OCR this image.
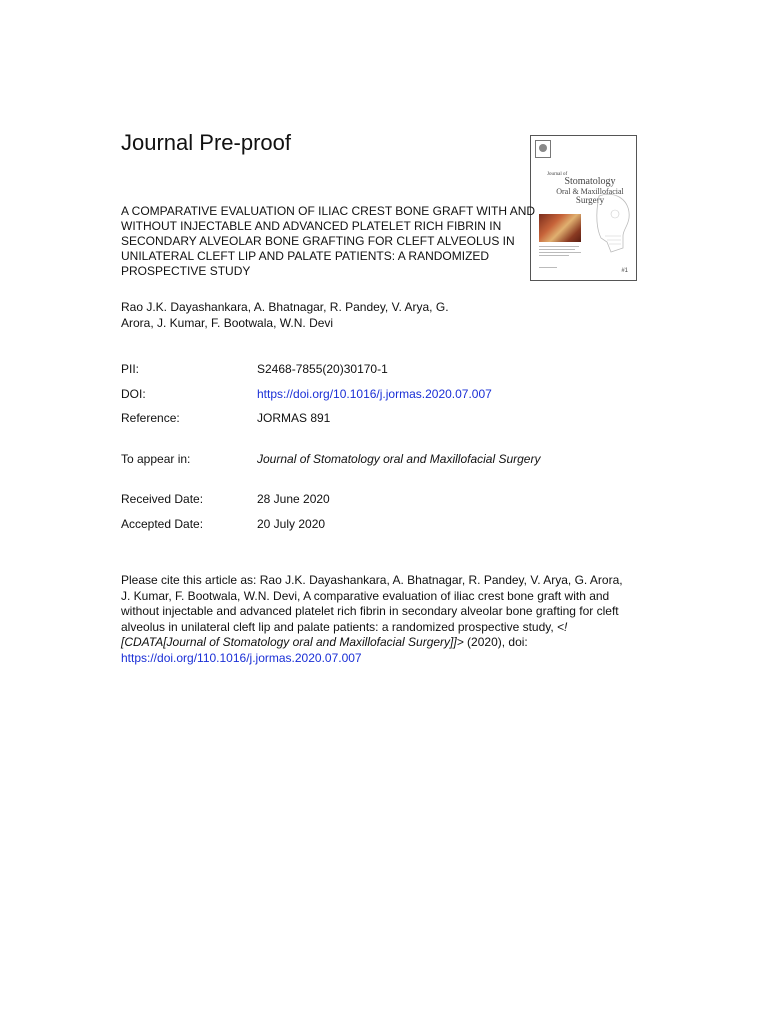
Journal Pre-proof
Journal of
Stomatology
Oral & Maxillofacial
Surgery
#1
A COMPARATIVE EVALUATION OF ILIAC CREST BONE GRAFT WITH AND WITHOUT INJECTABLE AND ADVANCED PLATELET RICH FIBRIN IN SECONDARY ALVEOLAR BONE GRAFTING FOR CLEFT ALVEOLUS IN UNILATERAL CLEFT LIP AND PALATE PATIENTS: A RANDOMIZED PROSPECTIVE STUDY
Rao J.K. Dayashankara, A. Bhatnagar, R. Pandey, V. Arya, G. Arora, J. Kumar, F. Bootwala, W.N. Devi
PII:	S2468-7855(20)30170-1
DOI:	https://doi.org/10.1016/j.jormas.2020.07.007
Reference:	JORMAS 891
To appear in:	Journal of Stomatology oral and Maxillofacial Surgery
Received Date:	28 June 2020
Accepted Date:	20 July 2020
Please cite this article as: Rao J.K. Dayashankara, A. Bhatnagar, R. Pandey, V. Arya, G. Arora, J. Kumar, F. Bootwala, W.N. Devi, A comparative evaluation of iliac crest bone graft with and without injectable and advanced platelet rich fibrin in secondary alveolar bone grafting for cleft alveolus in unilateral cleft lip and palate patients: a randomized prospective study, <![CDATA[Journal of Stomatology oral and Maxillofacial Surgery]]> (2020), doi: https://doi.org/110.1016/j.jormas.2020.07.007
